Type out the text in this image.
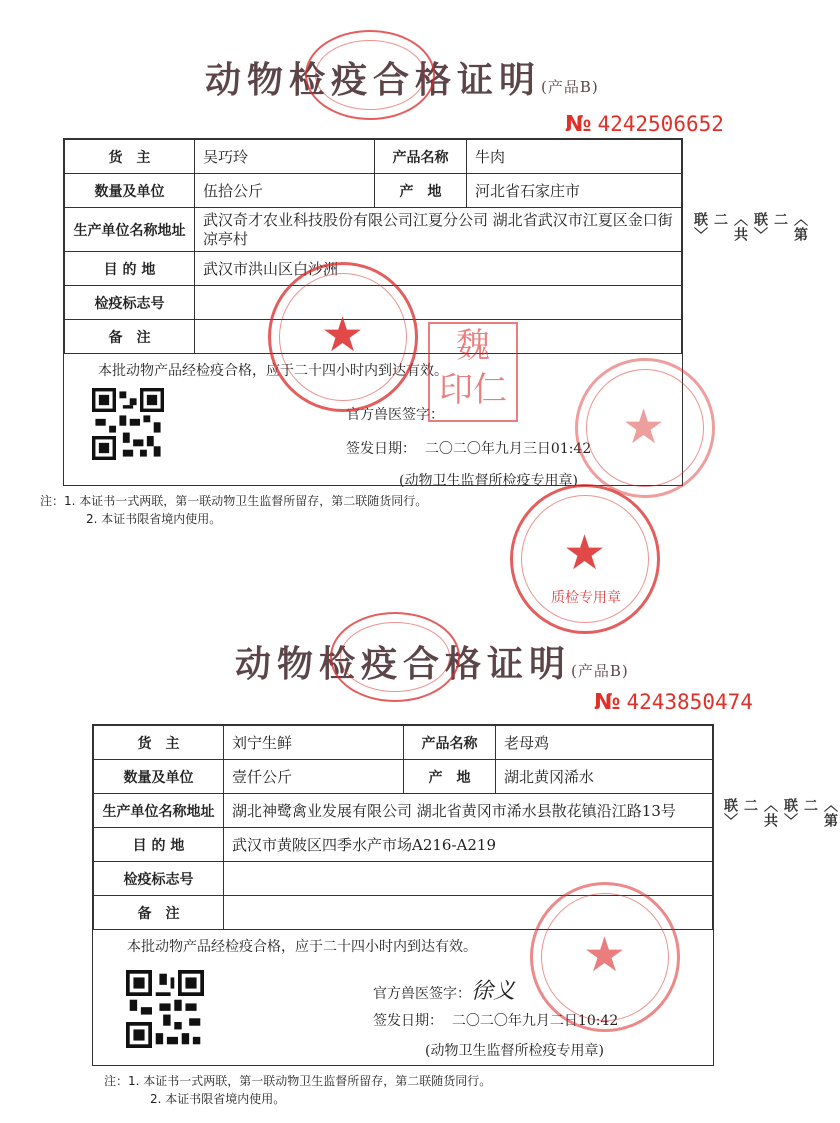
动物检疫合格证明(产品B)
№ 4242506652
货　主	吴巧玲	产品名称	牛肉
数量及单位	伍拾公斤	产　地	河北省石家庄市
生产单位名称地址	武汉奇才农业科技股份有限公司江夏分公司 湖北省武汉市江夏区金口街凉亭村		
目 的 地	武汉市洪山区白沙洲		
检疫标志号			
备　注			
本批动物产品经检疫合格，应于二十四小时内到达有效。
官方兽医签字：
签发日期： 二〇二〇年九月三日01:42
(动物卫生监督所检疫专用章)
〈第二联〉〈共二联〉
★	魏　印仁
★
★
质检专用章
注：1. 本证书一式两联，第一联动物卫生监督所留存，第二联随货同行。
2. 本证书限省境内使用。
动物检疫合格证明(产品B)
№ 4243850474
货　主	刘宁生鲜	产品名称	老母鸡
数量及单位	壹仟公斤	产　地	湖北黄冈浠水
生产单位名称地址	湖北神鹭禽业发展有限公司 湖北省黄冈市浠水县散花镇沿江路13号		
目 的 地	武汉市黄陂区四季水产市场A216-A219		
检疫标志号			
备　注			
本批动物产品经检疫合格，应于二十四小时内到达有效。
官方兽医签字：徐义
签发日期： 二〇二〇年九月二日10:42
(动物卫生监督所检疫专用章)
〈第二联〉〈共二联〉
★
注：1. 本证书一式两联，第一联动物卫生监督所留存，第二联随货同行。
2. 本证书限省境内使用。
